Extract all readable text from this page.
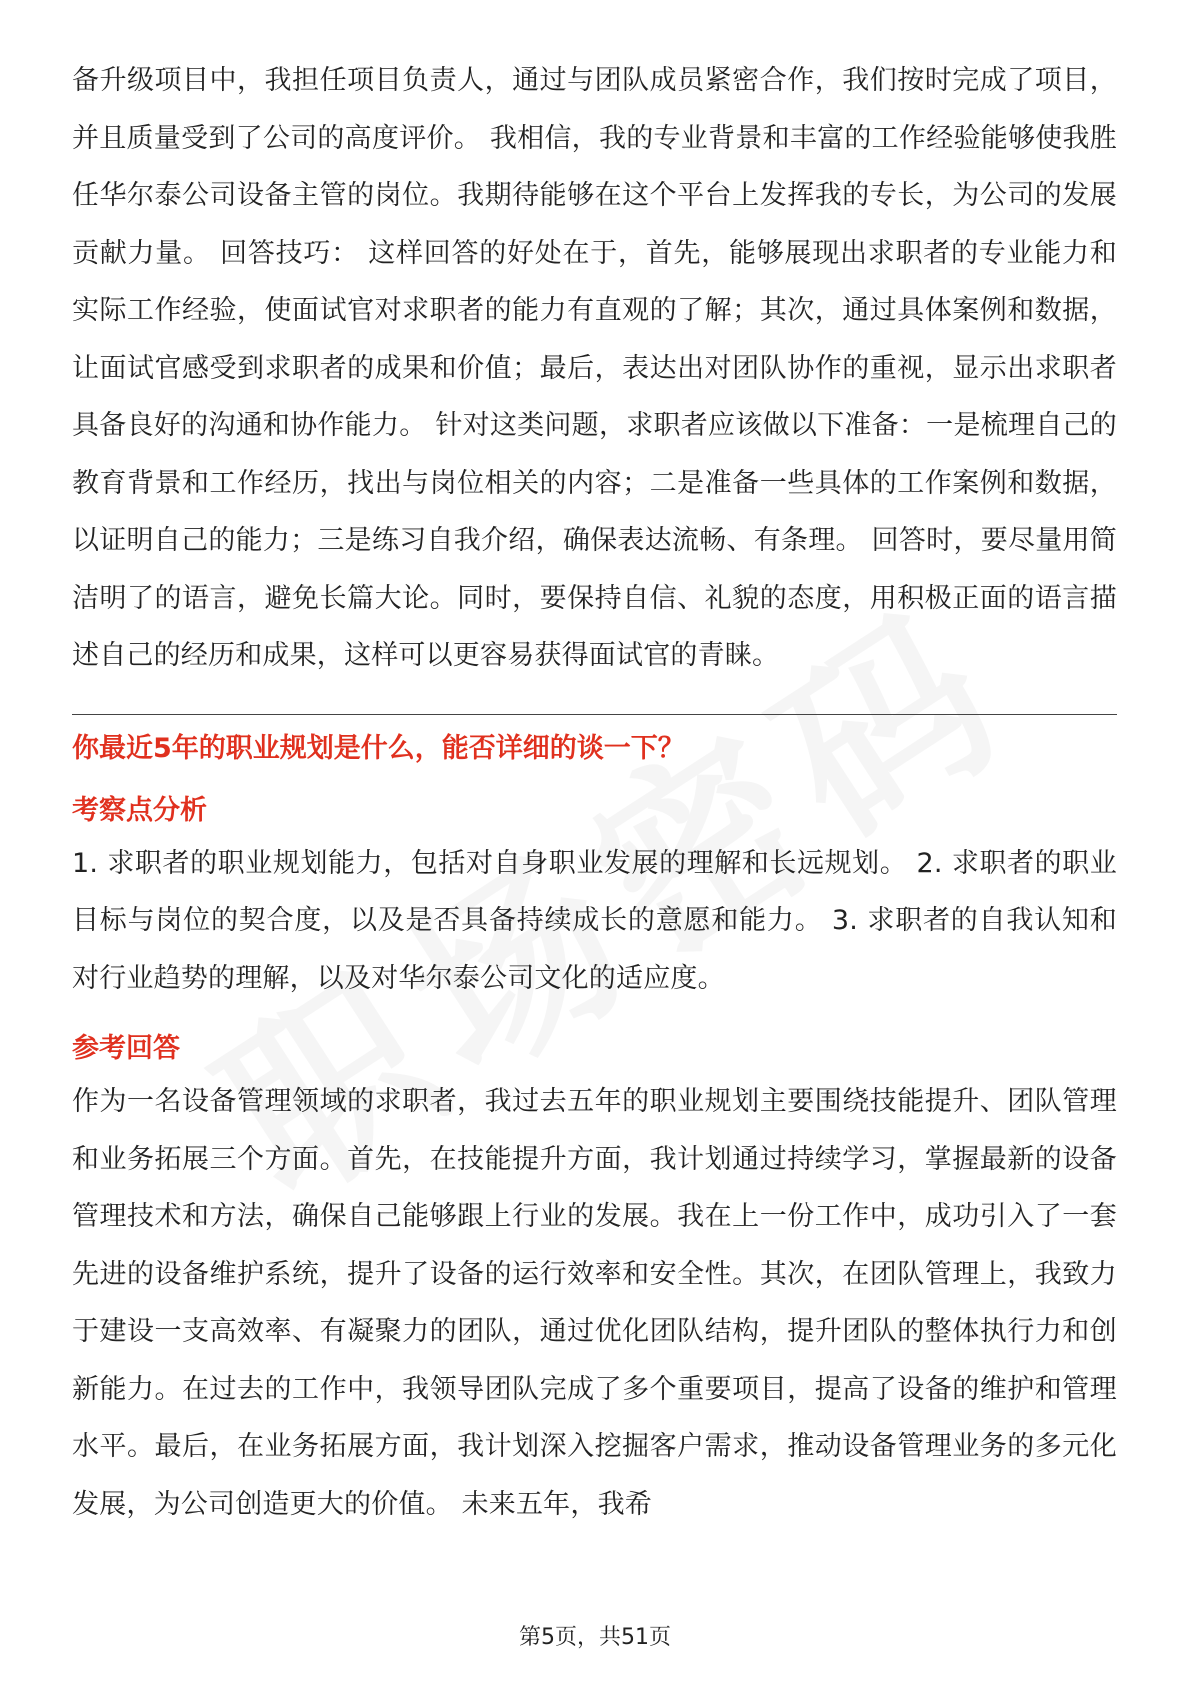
备升级项目中，我担任项目负责人，通过与团队成员紧密合作，我们按时完成了项目，并且质量受到了公司的高度评价。 我相信，我的专业背景和丰富的工作经验能够使我胜任华尔泰公司设备主管的岗位。我期待能够在这个平台上发挥我的专长，为公司的发展贡献力量。 回答技巧： 这样回答的好处在于，首先，能够展现出求职者的专业能力和实际工作经验，使面试官对求职者的能力有直观的了解；其次，通过具体案例和数据，让面试官感受到求职者的成果和价值；最后，表达出对团队协作的重视，显示出求职者具备良好的沟通和协作能力。 针对这类问题，求职者应该做以下准备：一是梳理自己的教育背景和工作经历，找出与岗位相关的内容；二是准备一些具体的工作案例和数据，以证明自己的能力；三是练习自我介绍，确保表达流畅、有条理。 回答时，要尽量用简洁明了的语言，避免长篇大论。同时，要保持自信、礼貌的态度，用积极正面的语言描述自己的经历和成果，这样可以更容易获得面试官的青睐。

你最近5年的职业规划是什么，能否详细的谈一下？
考察点分析

1. 求职者的职业规划能力，包括对自身职业发展的理解和长远规划。 2. 求职者的职业目标与岗位的契合度，以及是否具备持续成长的意愿和能力。 3. 求职者的自我认知和对行业趋势的理解，以及对华尔泰公司文化的适应度。

参考回答

作为一名设备管理领域的求职者，我过去五年的职业规划主要围绕技能提升、团队管理和业务拓展三个方面。首先，在技能提升方面，我计划通过持续学习，掌握最新的设备管理技术和方法，确保自己能够跟上行业的发展。我在上一份工作中，成功引入了一套先进的设备维护系统，提升了设备的运行效率和安全性。其次，在团队管理上，我致力于建设一支高效率、有凝聚力的团队，通过优化团队结构，提升团队的整体执行力和创新能力。在过去的工作中，我领导团队完成了多个重要项目，提高了设备的维护和管理水平。最后，在业务拓展方面，我计划深入挖掘客户需求，推动设备管理业务的多元化发展，为公司创造更大的价值。 未来五年，我希

第5页，共51页
